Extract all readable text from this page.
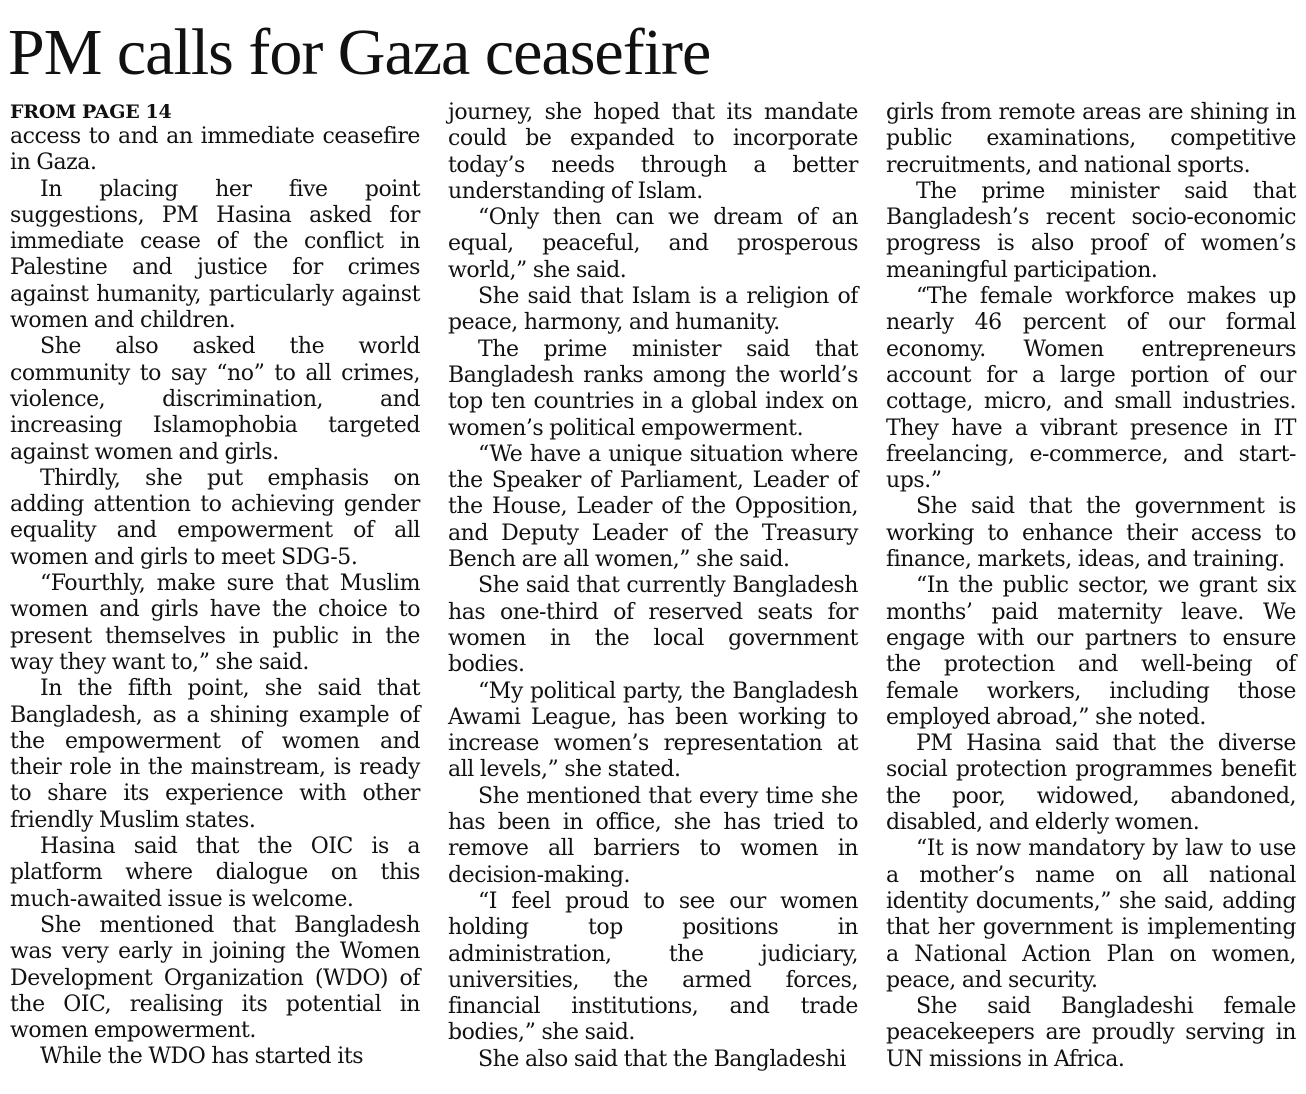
PM calls for Gaza ceasefire
FROM PAGE 14

access to and an immediate ceasefire in Gaza.

In placing her five point suggestions, PM Hasina asked for immediate cease of the conflict in Palestine and justice for crimes against humanity, particularly against women and children.

She also asked the world community to say “no” to all crimes, violence, discrimination, and increasing Islamophobia targeted against women and girls.

Thirdly, she put emphasis on adding attention to achieving gender equality and empowerment of all women and girls to meet SDG-5.

“Fourthly, make sure that Muslim women and girls have the choice to present themselves in public in the way they want to,” she said.

In the fifth point, she said that Bangladesh, as a shining example of the empowerment of women and their role in the mainstream, is ready to share its experience with other friendly Muslim states.

Hasina said that the OIC is a platform where dialogue on this much-awaited issue is welcome.

She mentioned that Bangladesh was very early in joining the Women Development Organization (WDO) of the OIC, realising its potential in women empowerment.

While the WDO has started its

journey, she hoped that its mandate could be expanded to incorporate today’s needs through a better understanding of Islam.

“Only then can we dream of an equal, peaceful, and prosperous world,” she said.

She said that Islam is a religion of peace, harmony, and humanity.

The prime minister said that Bangladesh ranks among the world’s top ten countries in a global index on women’s political empowerment.

“We have a unique situation where the Speaker of Parliament, Leader of the House, Leader of the Opposition, and Deputy Leader of the Treasury Bench are all women,” she said.

She said that currently Bangladesh has one-third of reserved seats for women in the local government bodies.

“My political party, the Bangladesh Awami League, has been working to increase women’s representation at all levels,” she stated.

She mentioned that every time she has been in office, she has tried to remove all barriers to women in decision-making.

“I feel proud to see our women holding top positions in administration, the judiciary, universities, the armed forces, financial institutions, and trade bodies,” she said.

She also said that the Bangladeshi

girls from remote areas are shining in public examinations, competitive recruitments, and national sports.

The prime minister said that Bangladesh’s recent socio-economic progress is also proof of women’s meaningful participation.

“The female workforce makes up nearly 46 percent of our formal economy. Women entrepreneurs account for a large portion of our cottage, micro, and small industries. They have a vibrant presence in IT freelancing, e-commerce, and start-ups.”

She said that the government is working to enhance their access to finance, markets, ideas, and training.

“In the public sector, we grant six months’ paid maternity leave. We engage with our partners to ensure the protection and well-being of female workers, including those employed abroad,” she noted.

PM Hasina said that the diverse social protection programmes benefit the poor, widowed, abandoned, disabled, and elderly women.

“It is now mandatory by law to use a mother’s name on all national identity documents,” she said, adding that her government is implementing a National Action Plan on women, peace, and security.

She said Bangladeshi female peacekeepers are proudly serving in UN missions in Africa.
